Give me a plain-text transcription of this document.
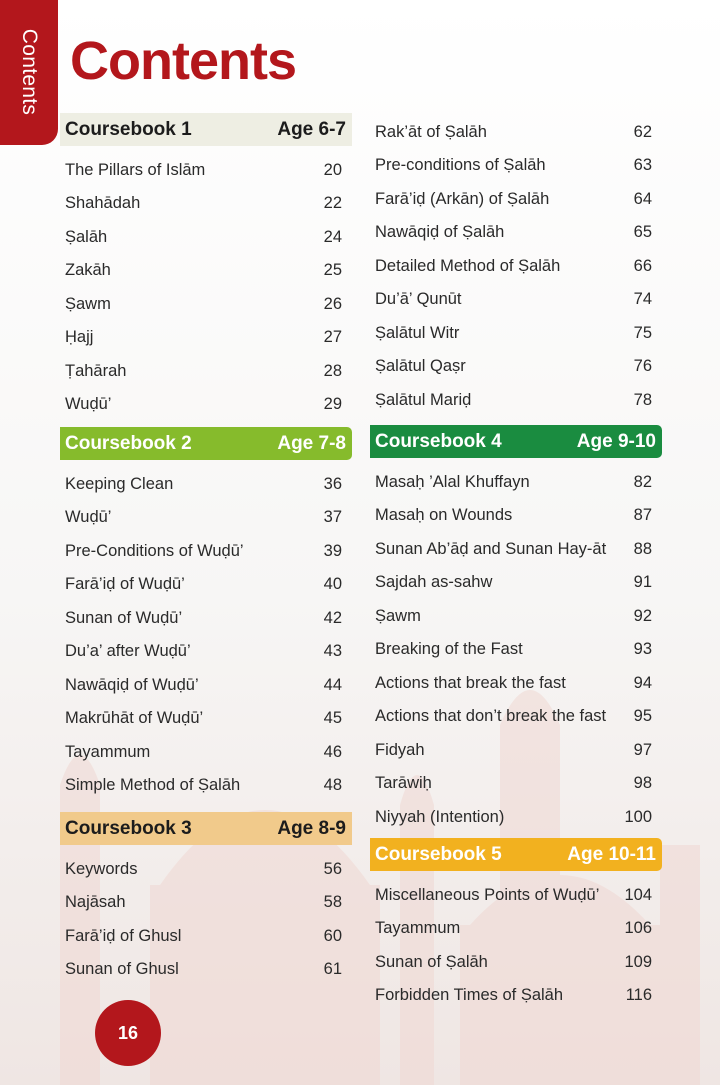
Contents Contents
Coursebook 1	Age 6-7
The Pillars of Islām	20
Shahādah	22
Ṣalāh	24
Zakāh	25
Ṣawm	26
Ḥajj	27
Ṭahārah	28
Wuḍū’	29
Coursebook 2	Age 7-8
Keeping Clean	36
Wuḍū’	37
Pre-Conditions of Wuḍū’	39
Farā’iḍ of Wuḍū’	40
Sunan of Wuḍū’	42
Du’a’ after Wuḍū’	43
Nawāqiḍ of Wuḍū’	44
Makrūhāt of Wuḍū’	45
Tayammum	46
Simple Method of Ṣalāh	48
Coursebook 3	Age 8-9
Keywords	56
Najāsah	58
Farā’iḍ of Ghusl	60
Sunan of Ghusl	61
Rak’āt of Ṣalāh	62
Pre-conditions of Ṣalāh	63
Farā’iḍ (Arkān) of Ṣalāh	64
Nawāqiḍ of Ṣalāh	65
Detailed Method of Ṣalāh	66
Du’ā’ Qunūt	74
Ṣalātul Witr	75
Ṣalātul Qaṣr	76
Ṣalātul Mariḍ	78
Coursebook 4	Age 9-10
Masaḥ ’Alal Khuffayn	82
Masaḥ on Wounds	87
Sunan Ab’āḍ and Sunan Hay-āt	88
Sajdah as-sahw	91
Ṣawm	92
Breaking of the Fast	93
Actions that break the fast	94
Actions that don’t break the fast	95
Fidyah	97
Tarāwiḥ	98
Niyyah (Intention)	100
Coursebook 5	Age 10-11
Miscellaneous Points of Wuḍū’ 104
Tayammum	106
Sunan of Ṣalāh	109
Forbidden Times of Ṣalāh	116
16
